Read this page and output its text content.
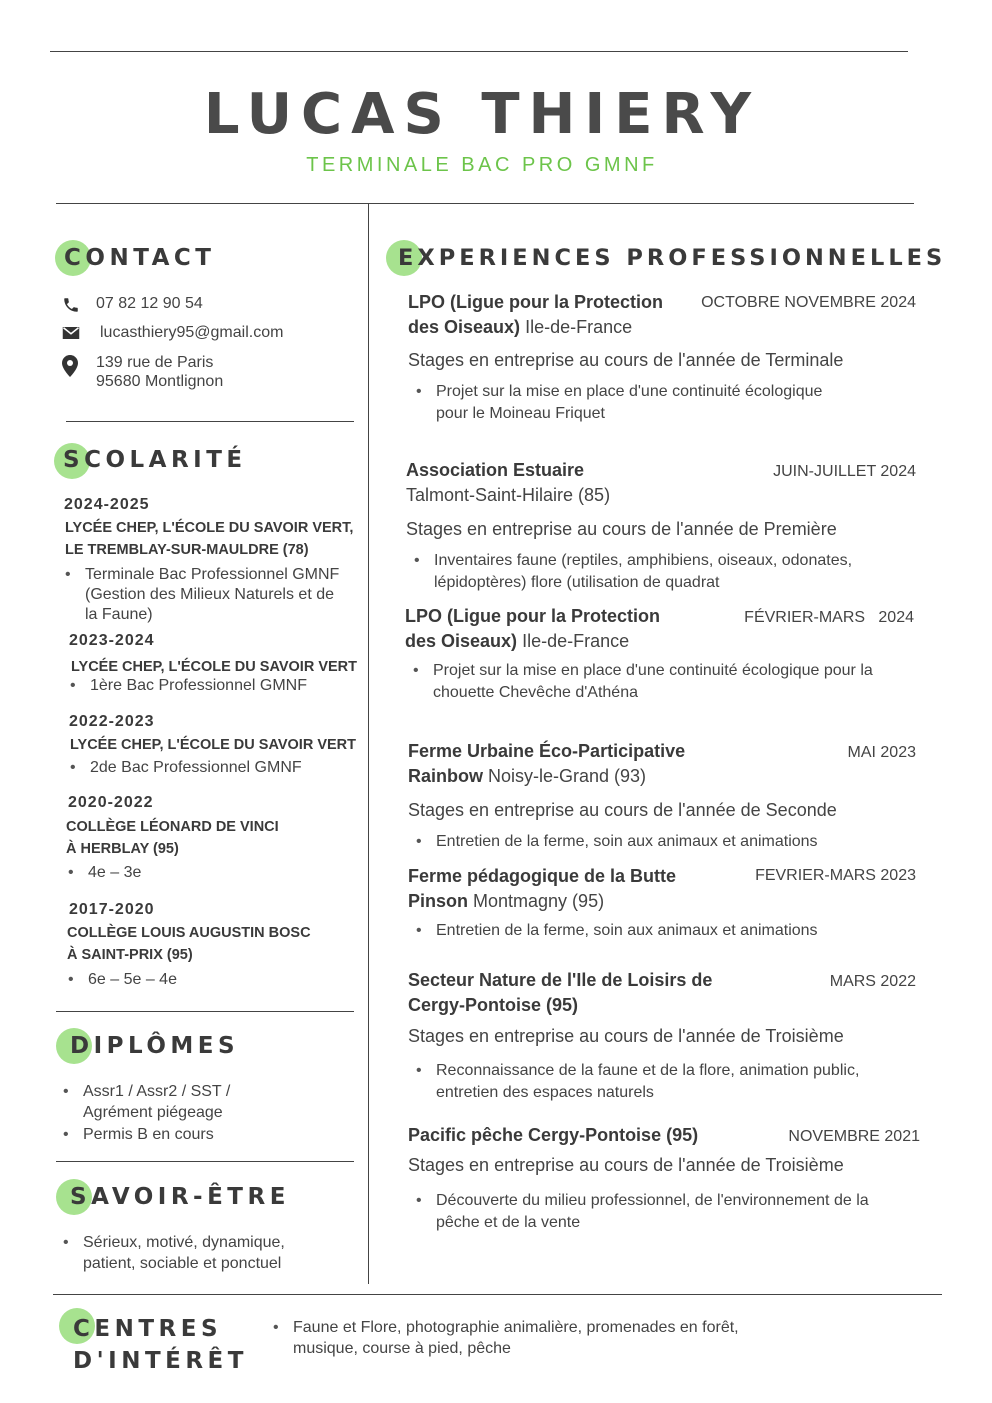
LUCAS THIERY
TERMINALE BAC PRO GMNF
CONTACT
07 82 12 90 54
lucasthiery95@gmail.com
139 rue de Paris
95680 Montlignon
SCOLARITÉ
2024-2025
LYCÉE CHEP, L'ÉCOLE DU SAVOIR VERT,
LE TREMBLAY-SUR-MAULDRE (78)
• Terminale Bac Professionnel GMNF
(Gestion des Milieux Naturels et de
la Faune)
2023-2024
LYCÉE CHEP, L'ÉCOLE DU SAVOIR VERT
• 1ère Bac Professionnel GMNF
2022-2023
LYCÉE CHEP, L'ÉCOLE DU SAVOIR VERT
• 2de Bac Professionnel GMNF
2020-2022
COLLÈGE LÉONARD DE VINCI
À HERBLAY (95)
• 4e – 3e
2017-2020
COLLÈGE LOUIS AUGUSTIN BOSC
À SAINT-PRIX (95)
• 6e – 5e – 4e
DIPLÔMES
• Assr1 / Assr2 / SST /
Agrément piégeage
• Permis B en cours
SAVOIR-ÊTRE
• Sérieux, motivé, dynamique,
patient, sociable et ponctuel
CENTRES
D'INTÉRÊT
• Faune et Flore, photographie animalière, promenades en forêt,
musique, course à pied, pêche
EXPERIENCES PROFESSIONNELLES
LPO (Ligue pour la Protection
des Oiseaux) Ile-de-France
OCTOBRE NOVEMBRE 2024
Stages en entreprise au cours de l'année de Terminale
• Projet sur la mise en place d'une continuité écologique
pour le Moineau Friquet
Association Estuaire
Talmont-Saint-Hilaire (85)
JUIN-JUILLET 2024
Stages en entreprise au cours de l'année de Première
• Inventaires faune (reptiles, amphibiens, oiseaux, odonates,
lépidoptères) flore (utilisation de quadrat
LPO (Ligue pour la Protection
des Oiseaux) Ile-de-France
FÉVRIER-MARS   2024
• Projet sur la mise en place d'une continuité écologique pour la
chouette Chevêche d'Athéna
Ferme Urbaine Éco-Participative
Rainbow Noisy-le-Grand (93)
MAI 2023
Stages en entreprise au cours de l'année de Seconde
• Entretien de la ferme, soin aux animaux et animations
Ferme pédagogique de la Butte
Pinson Montmagny (95)
FEVRIER-MARS 2023
• Entretien de la ferme, soin aux animaux et animations
Secteur Nature de l'Ile de Loisirs de
Cergy-Pontoise (95)
MARS 2022
Stages en entreprise au cours de l'année de Troisième
• Reconnaissance de la faune et de la flore, animation public,
entretien des espaces naturels
Pacific pêche Cergy-Pontoise (95)	NOVEMBRE 2021
Stages en entreprise au cours de l'année de Troisième
• Découverte du milieu professionnel, de l'environnement de la
pêche et de la vente
